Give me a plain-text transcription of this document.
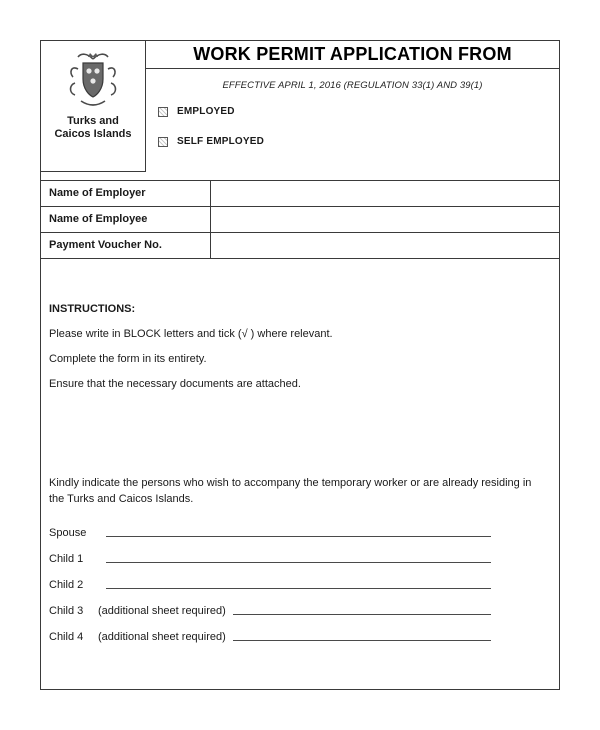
Turks and Caicos Islands
WORK PERMIT APPLICATION FROM
EFFECTIVE APRIL 1, 2016 (REGULATION 33(1) AND 39(1)
EMPLOYED
SELF EMPLOYED
Name of Employer
Name of Employee
Payment Voucher No.
INSTRUCTIONS:
Please write in BLOCK letters and tick (√ ) where relevant.
Complete the form in its entirety.
Ensure that the necessary documents are attached.
Kindly indicate the persons who wish to accompany the temporary worker or are already residing in the Turks and Caicos Islands.
Spouse
Child 1
Child 2
Child 3	(additional sheet required)
Child 4	(additional sheet required)
